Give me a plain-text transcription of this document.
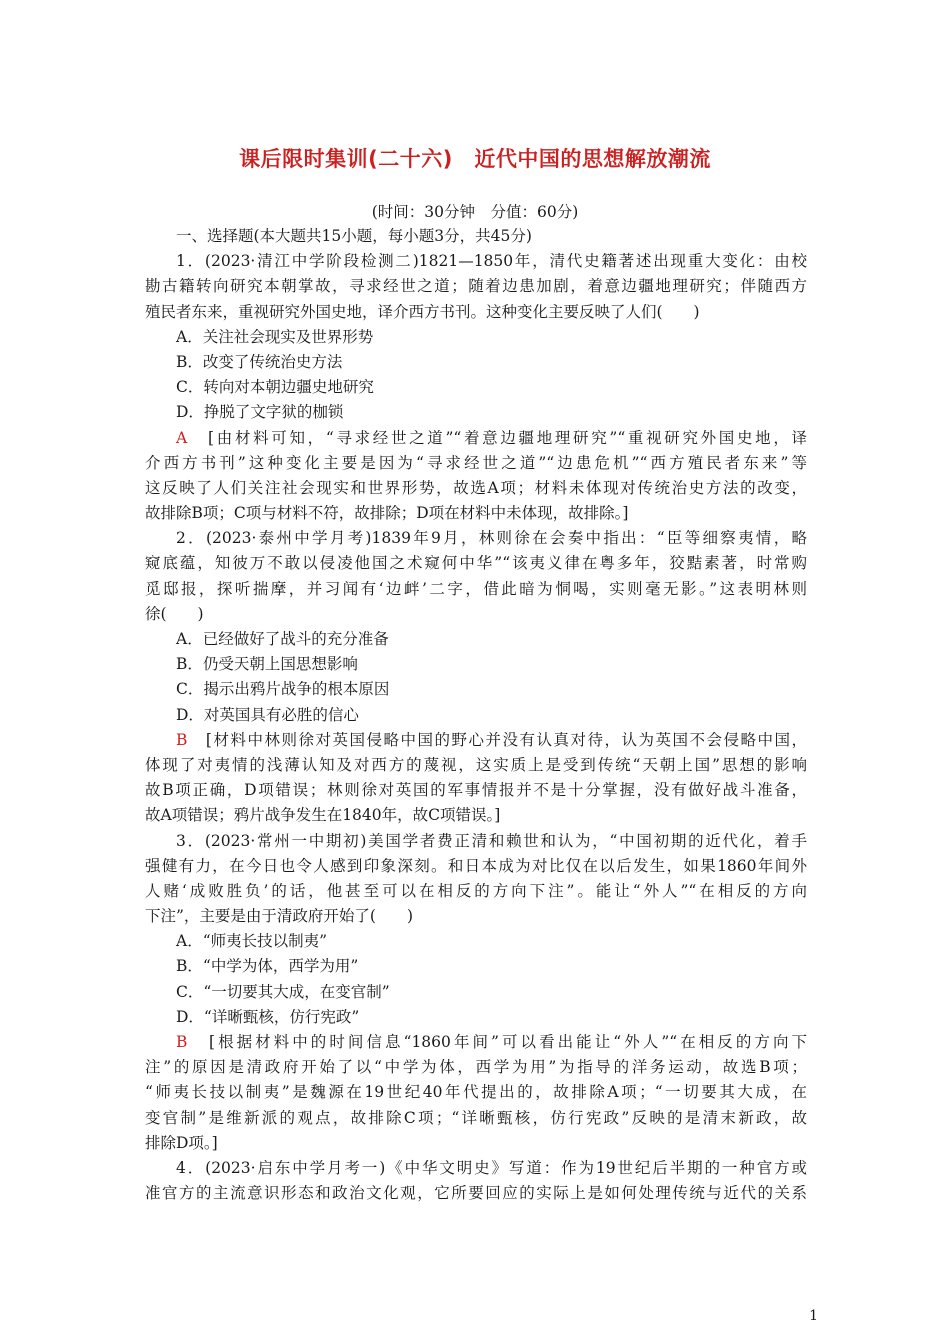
课后限时集训(二十六)　近代中国的思想解放潮流
(时间：30分钟　分值：60分)
一、选择题(本大题共15小题，每小题3分，共45分)
1．(2023·清江中学阶段检测二)1821—1850年，清代史籍著述出现重大变化：由校
勘古籍转向研究本朝掌故，寻求经世之道；随着边患加剧，着意边疆地理研究；伴随西方
殖民者东来，重视研究外国史地，译介西方书刊。这种变化主要反映了人们(　　)
A．关注社会现实及世界形势
B．改变了传统治史方法
C．转向对本朝边疆史地研究
D．挣脱了文字狱的枷锁
A　[由材料可知，“寻求经世之道”“着意边疆地理研究”“重视研究外国史地，译
介西方书刊”这种变化主要是因为“寻求经世之道”“边患危机”“西方殖民者东来”等
这反映了人们关注社会现实和世界形势，故选A项；材料未体现对传统治史方法的改变，
故排除B项；C项与材料不符，故排除；D项在材料中未体现，故排除。]
2．(2023·泰州中学月考)1839年9月，林则徐在会奏中指出：“臣等细察夷情，略
窥底蕴，知彼万不敢以侵凌他国之术窥何中华”“该夷义律在粤多年，狡黠素著，时常购
觅邸报，探听揣摩，并习闻有‘边衅’二字，借此暗为恫喝，实则毫无影。”这表明林则
徐(　　)
A．已经做好了战斗的充分准备
B．仍受天朝上国思想影响
C．揭示出鸦片战争的根本原因
D．对英国具有必胜的信心
B　[材料中林则徐对英国侵略中国的野心并没有认真对待，认为英国不会侵略中国，
体现了对夷情的浅薄认知及对西方的蔑视，这实质上是受到传统“天朝上国”思想的影响
故B项正确，D项错误；林则徐对英国的军事情报并不是十分掌握，没有做好战斗准备，
故A项错误；鸦片战争发生在1840年，故C项错误。]
3．(2023·常州一中期初)美国学者费正清和赖世和认为，“中国初期的近代化，着手
强健有力，在今日也令人感到印象深刻。和日本成为对比仅在以后发生，如果1860年间外
人赌‘成败胜负’的话，他甚至可以在相反的方向下注”。能让“外人”“在相反的方向
下注”，主要是由于清政府开始了(　　)
A．“师夷长技以制夷”
B．“中学为体，西学为用”
C．“一切要其大成，在变官制”
D．“详晰甄核，仿行宪政”
B　[根据材料中的时间信息“1860年间”可以看出能让“外人”“在相反的方向下
注”的原因是清政府开始了以“中学为体，西学为用”为指导的洋务运动，故选B项；
“师夷长技以制夷”是魏源在19世纪40年代提出的，故排除A项；“一切要其大成，在
变官制”是维新派的观点，故排除C项；“详晰甄核，仿行宪政”反映的是清末新政，故
排除D项。]
4．(2023·启东中学月考一)《中华文明史》写道：作为19世纪后半期的一种官方或
准官方的主流意识形态和政治文化观，它所要回应的实际上是如何处理传统与近代的关系
1
